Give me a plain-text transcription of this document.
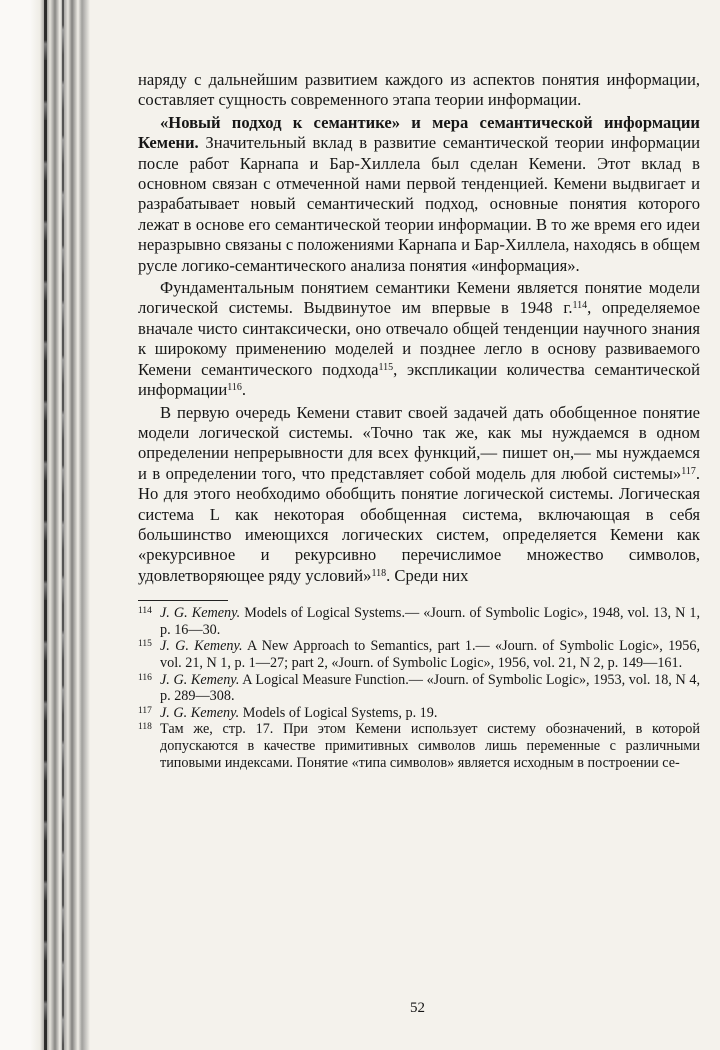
наряду с дальнейшим развитием каждого из аспектов понятия информации, составляет сущность современного этапа теории информации.

«Новый подход к семантике» и мера семантической информации Кемени. Значительный вклад в развитие семантической теории информации после работ Карнапа и Бар-Хиллела был сделан Кемени. Этот вклад в основном связан с отмеченной нами первой тенденцией. Кемени выдвигает и разрабатывает новый семантический подход, основные понятия которого лежат в основе его семантической теории информации. В то же время его идеи неразрывно связаны с положениями Карнапа и Бар-Хиллела, находясь в общем русле логико-семантического анализа понятия «информация».

Фундаментальным понятием семантики Кемени является понятие модели логической системы. Выдвинутое им впервые в 1948 г.$^{114}$, определяемое вначале чисто синтаксически, оно отвечало общей тенденции научного знания к широкому применению моделей и позднее легло в основу развиваемого Кемени семантического подхода$^{115}$, экспликации количества семантической информации$^{116}$.

В первую очередь Кемени ставит своей задачей дать обобщенное понятие модели логической системы. «Точно так же, как мы нуждаемся в одном определении непрерывности для всех функций,— пишет он,— мы нуждаемся и в определении того, что представляет собой модель для любой системы»$^{117}$. Но для этого необходимо обобщить понятие логической системы. Логическая система L как некоторая обобщенная система, включающая в себя большинство имеющихся логических систем, определяется Кемени как «рекурсивное и рекурсивно перечислимое множество символов, удовлетворяющее ряду условий»$^{118}$. Среди них

114 J. G. Kemeny. Models of Logical Systems.— «Journ. of Symbolic Logic», 1948, vol. 13, N 1, p. 16—30.
115 J. G. Kemeny. A New Approach to Semantics, part 1.— «Journ. of Symbolic Logic», 1956, vol. 21, N 1, p. 1—27; part 2, «Journ. of Symbolic Logic», 1956, vol. 21, N 2, p. 149—161.
116 J. G. Kemeny. A Logical Measure Function.— «Journ. of Symbolic Logic», 1953, vol. 18, N 4, p. 289—308.
117 J. G. Kemeny. Models of Logical Systems, p. 19.
118 Там же, стр. 17. При этом Кемени использует систему обозначений, в которой допускаются в качестве примитивных символов лишь переменные с различными типовыми индексами. Понятие «типа символов» является исходным в построении се-
52
